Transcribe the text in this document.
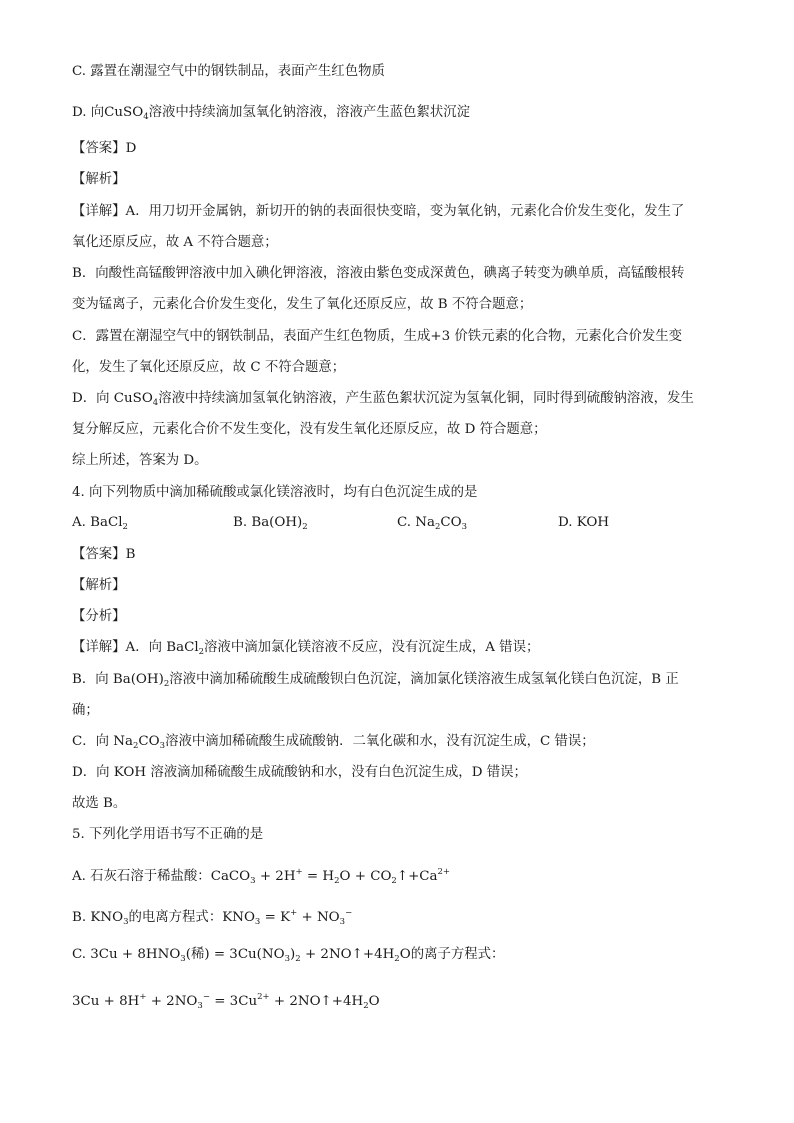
C. 露置在潮湿空气中的钢铁制品，表面产生红色物质
D. 向CuSO$_4$溶液中持续滴加氢氧化钠溶液，溶液产生蓝色絮状沉淀
【答案】D
【解析】
【详解】A．用刀切开金属钠，新切开的钠的表面很快变暗，变为氧化钠，元素化合价发生变化，发生了
氧化还原反应，故 A 不符合题意；
B．向酸性高锰酸钾溶液中加入碘化钾溶液，溶液由紫色变成深黄色，碘离子转变为碘单质，高锰酸根转
变为锰离子，元素化合价发生变化，发生了氧化还原反应，故 B 不符合题意；
C．露置在潮湿空气中的钢铁制品，表面产生红色物质，生成+3 价铁元素的化合物，元素化合价发生变
化，发生了氧化还原反应，故 C 不符合题意；
D．向 CuSO$_4$溶液中持续滴加氢氧化钠溶液，产生蓝色絮状沉淀为氢氧化铜，同时得到硫酸钠溶液，发生
复分解反应，元素化合价不发生变化，没有发生氧化还原反应，故 D 符合题意；
综上所述，答案为 D。
4. 向下列物质中滴加稀硫酸或氯化镁溶液时，均有白色沉淀生成的是
A. BaCl$_2$	B. $Ba(OH)_2$	C. $Na_2CO_3$	D. KOH
【答案】B
【解析】
【分析】
【详解】A．向 BaCl$_2$溶液中滴加氯化镁溶液不反应，没有沉淀生成，A 错误；
B．向 $Ba(OH)_2$溶液中滴加稀硫酸生成硫酸钡白色沉淀，滴加氯化镁溶液生成氢氧化镁白色沉淀，B 正
确；
C．向 $Na_2CO_3$溶液中滴加稀硫酸生成硫酸钠．二氧化碳和水，没有沉淀生成，C 错误；
D．向 KOH 溶液滴加稀硫酸生成硫酸钠和水，没有白色沉淀生成，D 错误；
故选 B。
5. 下列化学用语书写不正确的是
A. 石灰石溶于稀盐酸：CaCO$_3$ + $2H^+ = H_2O$ + $CO_2↑+Ca^{2+}$
B. $KNO_3$的电离方程式：$KNO_3 = K^+ + NO_3^-$
C. $3Cu + 8HNO_3$(稀) = $3Cu(NO_3)_2$ + $2NO↑+4H_2O$的离子方程式：
$3Cu + 8H^+ + 2NO_3^- = 3Cu^{2+}$ + $2NO↑+4H_2O$
